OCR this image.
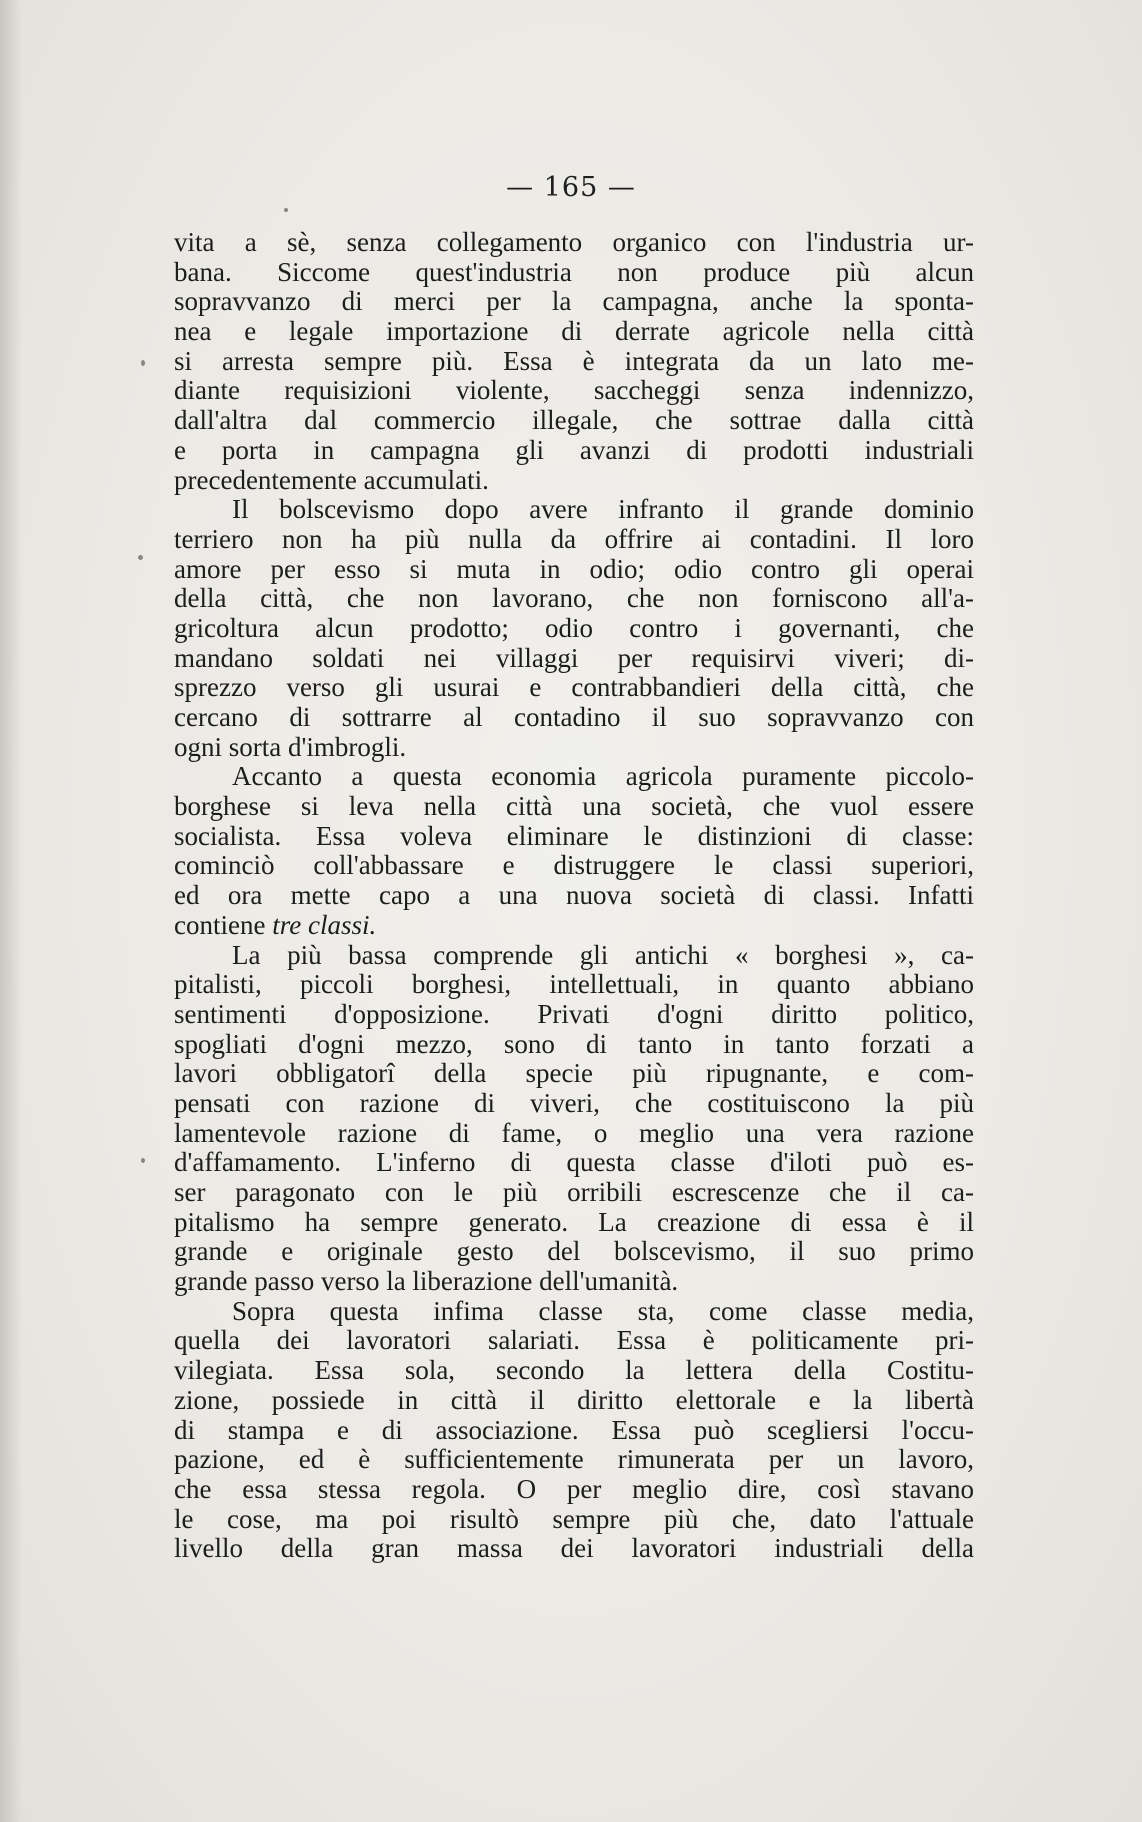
— 165 —
vita a sè, senza collegamento organico con l'industria ur-
bana. Siccome quest'industria non produce più alcun
sopravvanzo di merci per la campagna, anche la sponta-
nea e legale importazione di derrate agricole nella città
si arresta sempre più. Essa è integrata da un lato me-
diante requisizioni violente, saccheggi senza indennizzo,
dall'altra dal commercio illegale, che sottrae dalla città
e porta in campagna gli avanzi di prodotti industriali
precedentemente accumulati.
Il bolscevismo dopo avere infranto il grande dominio
terriero non ha più nulla da offrire ai contadini. Il loro
amore per esso si muta in odio; odio contro gli operai
della città, che non lavorano, che non forniscono all'a-
gricoltura alcun prodotto; odio contro i governanti, che
mandano soldati nei villaggi per requisirvi viveri; di-
sprezzo verso gli usurai e contrabbandieri della città, che
cercano di sottrarre al contadino il suo sopravvanzo con
ogni sorta d'imbrogli.
Accanto a questa economia agricola puramente piccolo-
borghese si leva nella città una società, che vuol essere
socialista. Essa voleva eliminare le distinzioni di classe:
cominciò coll'abbassare e distruggere le classi superiori,
ed ora mette capo a una nuova società di classi. Infatti
contiene tre classi.
La più bassa comprende gli antichi « borghesi », ca-
pitalisti, piccoli borghesi, intellettuali, in quanto abbiano
sentimenti d'opposizione. Privati d'ogni diritto politico,
spogliati d'ogni mezzo, sono di tanto in tanto forzati a
lavori obbligatorî della specie più ripugnante, e com-
pensati con razione di viveri, che costituiscono la più
lamentevole razione di fame, o meglio una vera razione
d'affamamento. L'inferno di questa classe d'iloti può es-
ser paragonato con le più orribili escrescenze che il ca-
pitalismo ha sempre generato. La creazione di essa è il
grande e originale gesto del bolscevismo, il suo primo
grande passo verso la liberazione dell'umanità.
Sopra questa infima classe sta, come classe media,
quella dei lavoratori salariati. Essa è politicamente pri-
vilegiata. Essa sola, secondo la lettera della Costitu-
zione, possiede in città il diritto elettorale e la libertà
di stampa e di associazione. Essa può scegliersi l'occu-
pazione, ed è sufficientemente rimunerata per un lavoro,
che essa stessa regola. O per meglio dire, così stavano
le cose, ma poi risultò sempre più che, dato l'attuale
livello della gran massa dei lavoratori industriali della
